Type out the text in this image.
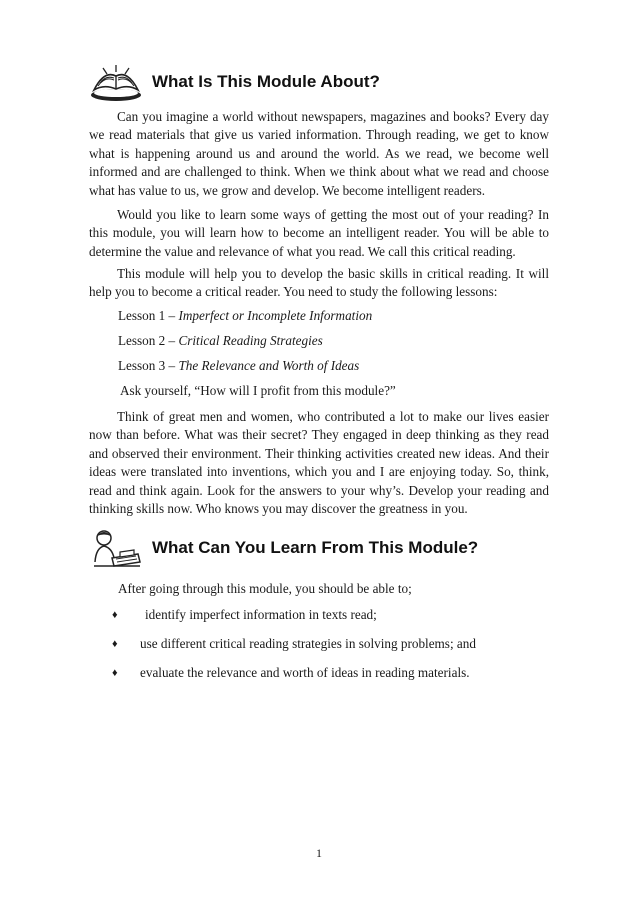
What Is This Module About?

Can you imagine a world without newspapers, magazines and books? Every day we read materials that give us varied information. Through reading, we get to know what is happening around us and around the world. As we read, we become well informed and are challenged to think. When we think about what we read and choose what has value to us, we grow and develop. We become intelligent readers.

Would you like to learn some ways of getting the most out of your reading? In this module, you will learn how to become an intelligent reader. You will be able to determine the value and relevance of what you read. We call this critical reading.

This module will help you to develop the basic skills in critical reading. It will help you to become a critical reader. You need to study the following lessons:

Lesson 1 – Imperfect or Incomplete Information

Lesson 2 – Critical Reading Strategies

Lesson 3 – The Relevance and Worth of Ideas

Ask yourself, “How will I profit from this module?”

Think of great men and women, who contributed a lot to make our lives easier now than before. What was their secret? They engaged in deep thinking as they read and observed their environment. Their thinking activities created new ideas. And their ideas were translated into inventions, which you and I are enjoying today. So, think, read and think again. Look for the answers to your why’s. Develop your reading and thinking skills now. Who knows you may discover the greatness in you.

What Can You Learn From This Module?

After going through this module, you should be able to;

♦	identify imperfect information in texts read;
♦	use different critical reading strategies in solving problems; and
♦	evaluate the relevance and worth of ideas in reading materials.
1
